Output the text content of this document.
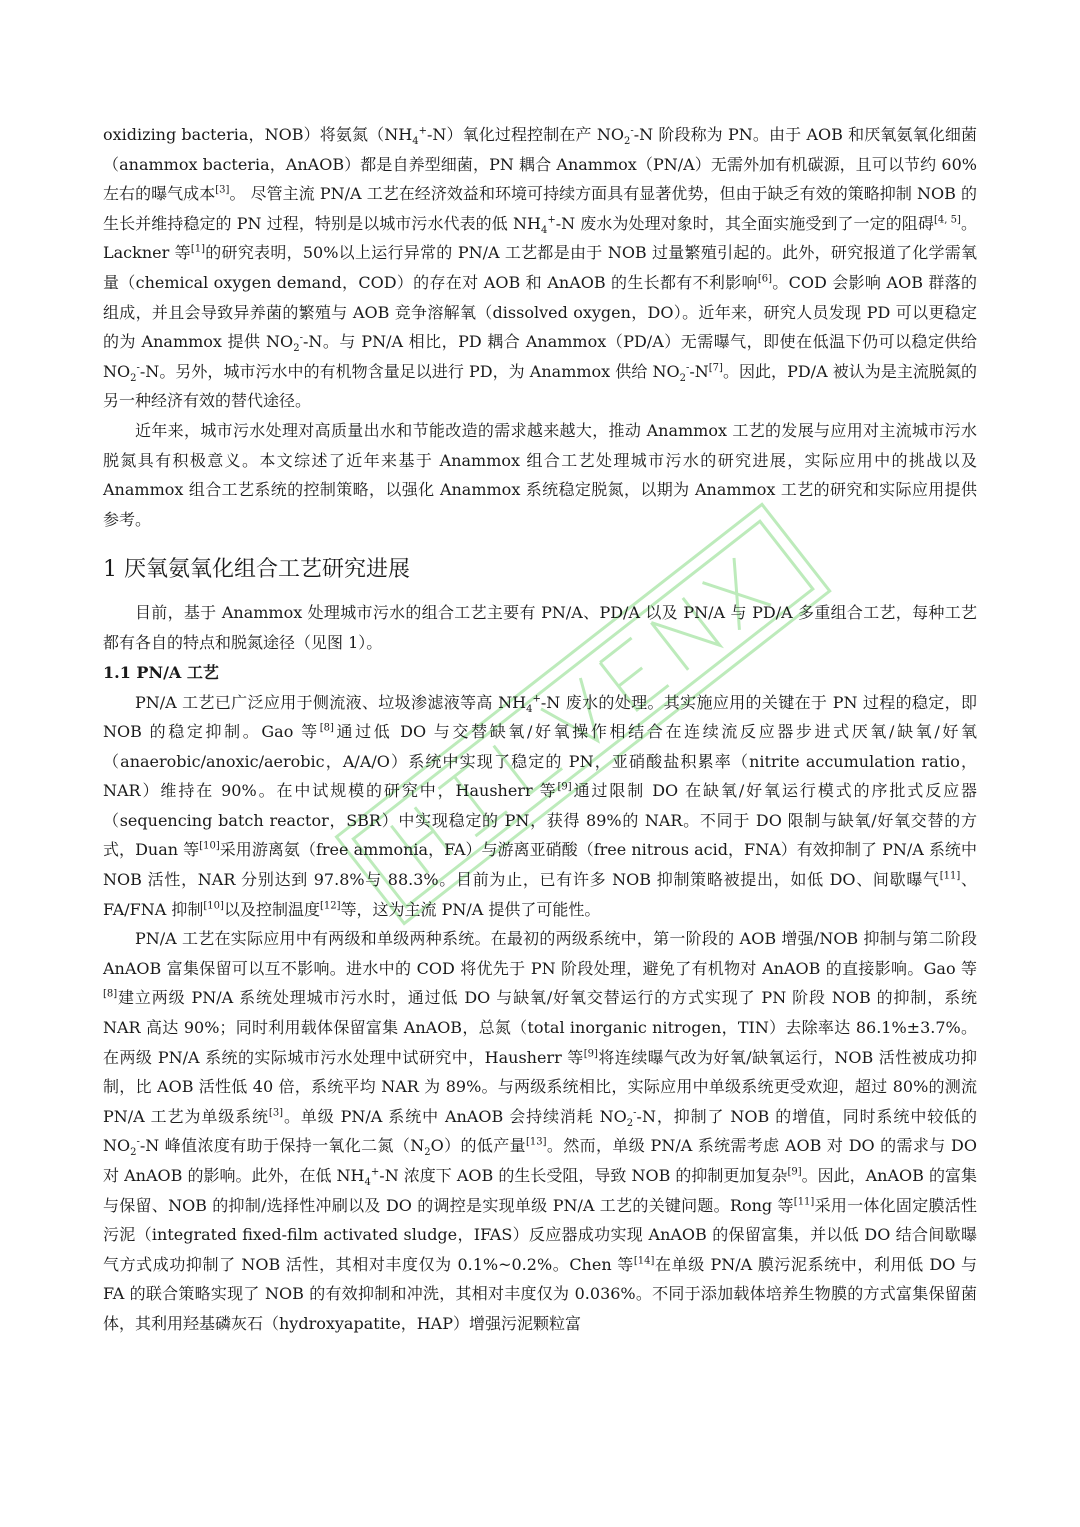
oxidizing bacteria，NOB）将氨氮$(NH_4^+-N)$氧化过程控制在产 $NO_2^--N$ 阶段称为 PN。由于 AOB 和厌氧氨氧化细菌（anammox bacteria，AnAOB）都是自养型细菌，PN 耦合 Anammox（PN/A）无需外加有机碳源，且可以节约 60%左右的曝气成本[3]。 尽管主流 PN/A 工艺在经济效益和环境可持续方面具有显著优势，但由于缺乏有效的策略抑制 NOB 的生长并维持稳定的 PN 过程，特别是以城市污水代表的低 $NH_4^+-N$ 废水为处理对象时，其全面实施受到了一定的阻碍[4, 5]。Lackner 等[1]的研究表明，50%以上运行异常的 PN/A 工艺都是由于 NOB 过量繁殖引起的。此外，研究报道了化学需氧量（chemical oxygen demand，COD）的存在对 AOB 和 AnAOB 的生长都有不利影响[6]。COD 会影响 AOB 群落的组成，并且会导致异养菌的繁殖与 AOB 竞争溶解氧（dissolved oxygen，DO）。近年来，研究人员发现 PD 可以更稳定的为 Anammox 提供 $NO_2^--N$。与 PN/A 相比，PD 耦合 Anammox（PD/A）无需曝气，即使在低温下仍可以稳定供给 $NO_2^--N$。另外，城市污水中的有机物含量足以进行 PD，为 Anammox 供给 $NO_2^--N[7]$。因此，PD/A 被认为是主流脱氮的另一种经济有效的替代途径。

近年来，城市污水处理对高质量出水和节能改造的需求越来越大，推动 Anammox 工艺的发展与应用对主流城市污水脱氮具有积极意义。本文综述了近年来基于 Anammox 组合工艺处理城市污水的研究进展，实际应用中的挑战以及 Anammox 组合工艺系统的控制策略，以强化 Anammox 系统稳定脱氮，以期为 Anammox 工艺的研究和实际应用提供参考。

1 厌氧氨氧化组合工艺研究进展

目前，基于 Anammox 处理城市污水的组合工艺主要有 PN/A、PD/A 以及 PN/A 与 PD/A 多重组合工艺，每种工艺都有各自的特点和脱氮途径（见图 1）。

1.1 PN/A 工艺

PN/A 工艺已广泛应用于侧流液、垃圾渗滤液等高 $NH_4^+-N$ 废水的处理。其实施应用的关键在于 PN 过程的稳定，即 NOB 的稳定抑制。Gao 等[8]通过低 DO 与交替缺氧/好氧操作相结合在连续流反应器步进式厌氧/缺氧/好氧（anaerobic/anoxic/aerobic，A/A/O）系统中实现了稳定的 PN，亚硝酸盐积累率（nitrite accumulation ratio，NAR）维持在 90%。在中试规模的研究中，Hausherr 等[9]通过限制 DO 在缺氧/好氧运行模式的序批式反应器（sequencing batch reactor，SBR）中实现稳定的 PN，获得 89%的 NAR。不同于 DO 限制与缺氧/好氧交替的方式，Duan 等[10]采用游离氨（free ammonia，FA）与游离亚硝酸（free nitrous acid，FNA）有效抑制了 PN/A 系统中 NOB 活性，NAR 分别达到 97.8%与 88.3%。目前为止，已有许多 NOB 抑制策略被提出，如低 DO、间歇曝气[11]、FA/FNA 抑制[10]以及控制温度[12]等，这为主流 PN/A 提供了可能性。

PN/A 工艺在实际应用中有两级和单级两种系统。在最初的两级系统中，第一阶段的 AOB 增强/NOB 抑制与第二阶段 AnAOB 富集保留可以互不影响。进水中的 COD 将优先于 PN 阶段处理，避免了有机物对 AnAOB 的直接影响。Gao 等[8]建立两级 PN/A 系统处理城市污水时，通过低 DO 与缺氧/好氧交替运行的方式实现了 PN 阶段 NOB 的抑制，系统 NAR 高达 90%；同时利用载体保留富集 AnAOB，总氮（total inorganic nitrogen，TIN）去除率达 86.1%±3.7%。在两级 PN/A 系统的实际城市污水处理中试研究中，Hausherr 等[9]将连续曝气改为好氧/缺氧运行，NOB 活性被成功抑制，比 AOB 活性低 40 倍，系统平均 NAR 为 89%。与两级系统相比，实际应用中单级系统更受欢迎，超过 80%的测流 PN/A 工艺为单级系统[3]。单级 PN/A 系统中 AnAOB 会持续消耗 $NO_2^--N$，抑制了 NOB 的增值，同时系统中较低的 $NO_2^--N$ 峰值浓度有助于保持一氧化二氮$(N_2O)$的低产量[13]。然而，单级 PN/A 系统需考虑 AOB 对 DO 的需求与 DO 对 AnAOB 的影响。此外，在低 $NH_4^+-N$ 浓度下 AOB 的生长受阻，导致 NOB 的抑制更加复杂[9]。因此，AnAOB 的富集与保留、NOB 的抑制/选择性冲刷以及 DO 的调控是实现单级 PN/A 工艺的关键问题。Rong 等[11]采用一体化固定膜活性污泥（integrated fixed-film activated sludge，IFAS）反应器成功实现 AnAOB 的保留富集，并以低 DO 结合间歇曝气方式成功抑制了 NOB 活性，其相对丰度仅为 0.1%~0.2%。Chen 等[14]在单级 PN/A 膜污泥系统中，利用低 DO 与 FA 的联合策略实现了 NOB 的有效抑制和冲洗，其相对丰度仅为 0.036%。不同于添加载体培养生物膜的方式富集保留菌体，其利用羟基磷灰石（hydroxyapatite，HAP）增强污泥颗粒富
